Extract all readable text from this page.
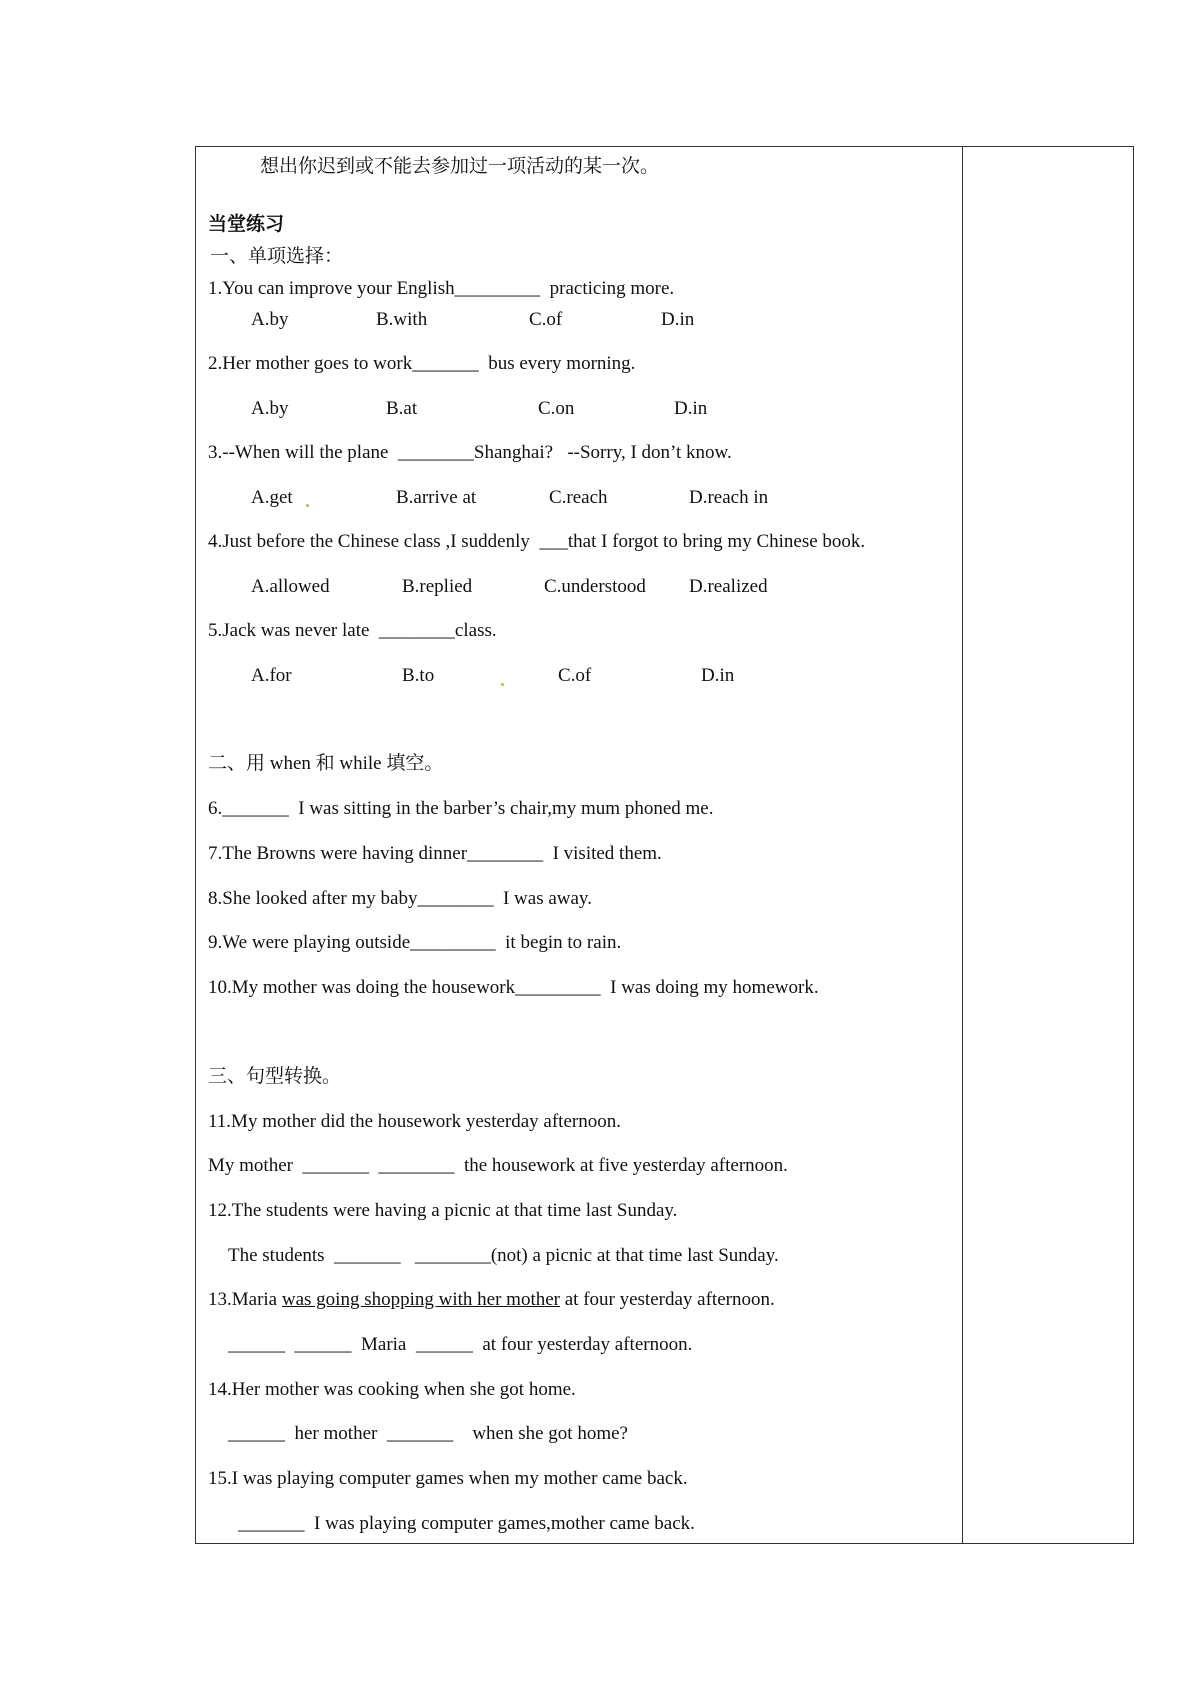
想出你迟到或不能去参加过一项活动的某一次。
当堂练习
一、单项选择：
1.You can improve your English_________  practicing more.
A.by	B.with	C.of	D.in
2.Her mother goes to work_______  bus every morning.
A.by	B.at	C.on	D.in
3.--When will the plane  ________Shanghai?   --Sorry, I don’t know.
A.get	B.arrive at	C.reach	D.reach in
4.Just before the Chinese class ,I suddenly  ___that I forgot to bring my Chinese book.
A.allowed	B.replied	C.understood D.realized
5.Jack was never late  ________class.
A.for	B.to	C.of	D.in
二、用 when 和 while 填空。
6._______  I was sitting in the barber’s chair,my mum phoned me.
7.The Browns were having dinner________  I visited them.
8.She looked after my baby________  I was away.
9.We were playing outside_________  it begin to rain.
10.My mother was doing the housework_________  I was doing my homework.
三、句型转换。
11.My mother did the housework yesterday afternoon.
My mother  _______  ________  the housework at five yesterday afternoon.
12.The students were having a picnic at that time last Sunday.
The students  _______   ________(not) a picnic at that time last Sunday.
13.Maria was going shopping with her mother at four yesterday afternoon.
______  ______  Maria  ______  at four yesterday afternoon.
14.Her mother was cooking when she got home.
______  her mother  _______    when she got home?
15.I was playing computer games when my mother came back.
_______  I was playing computer games,mother came back.
